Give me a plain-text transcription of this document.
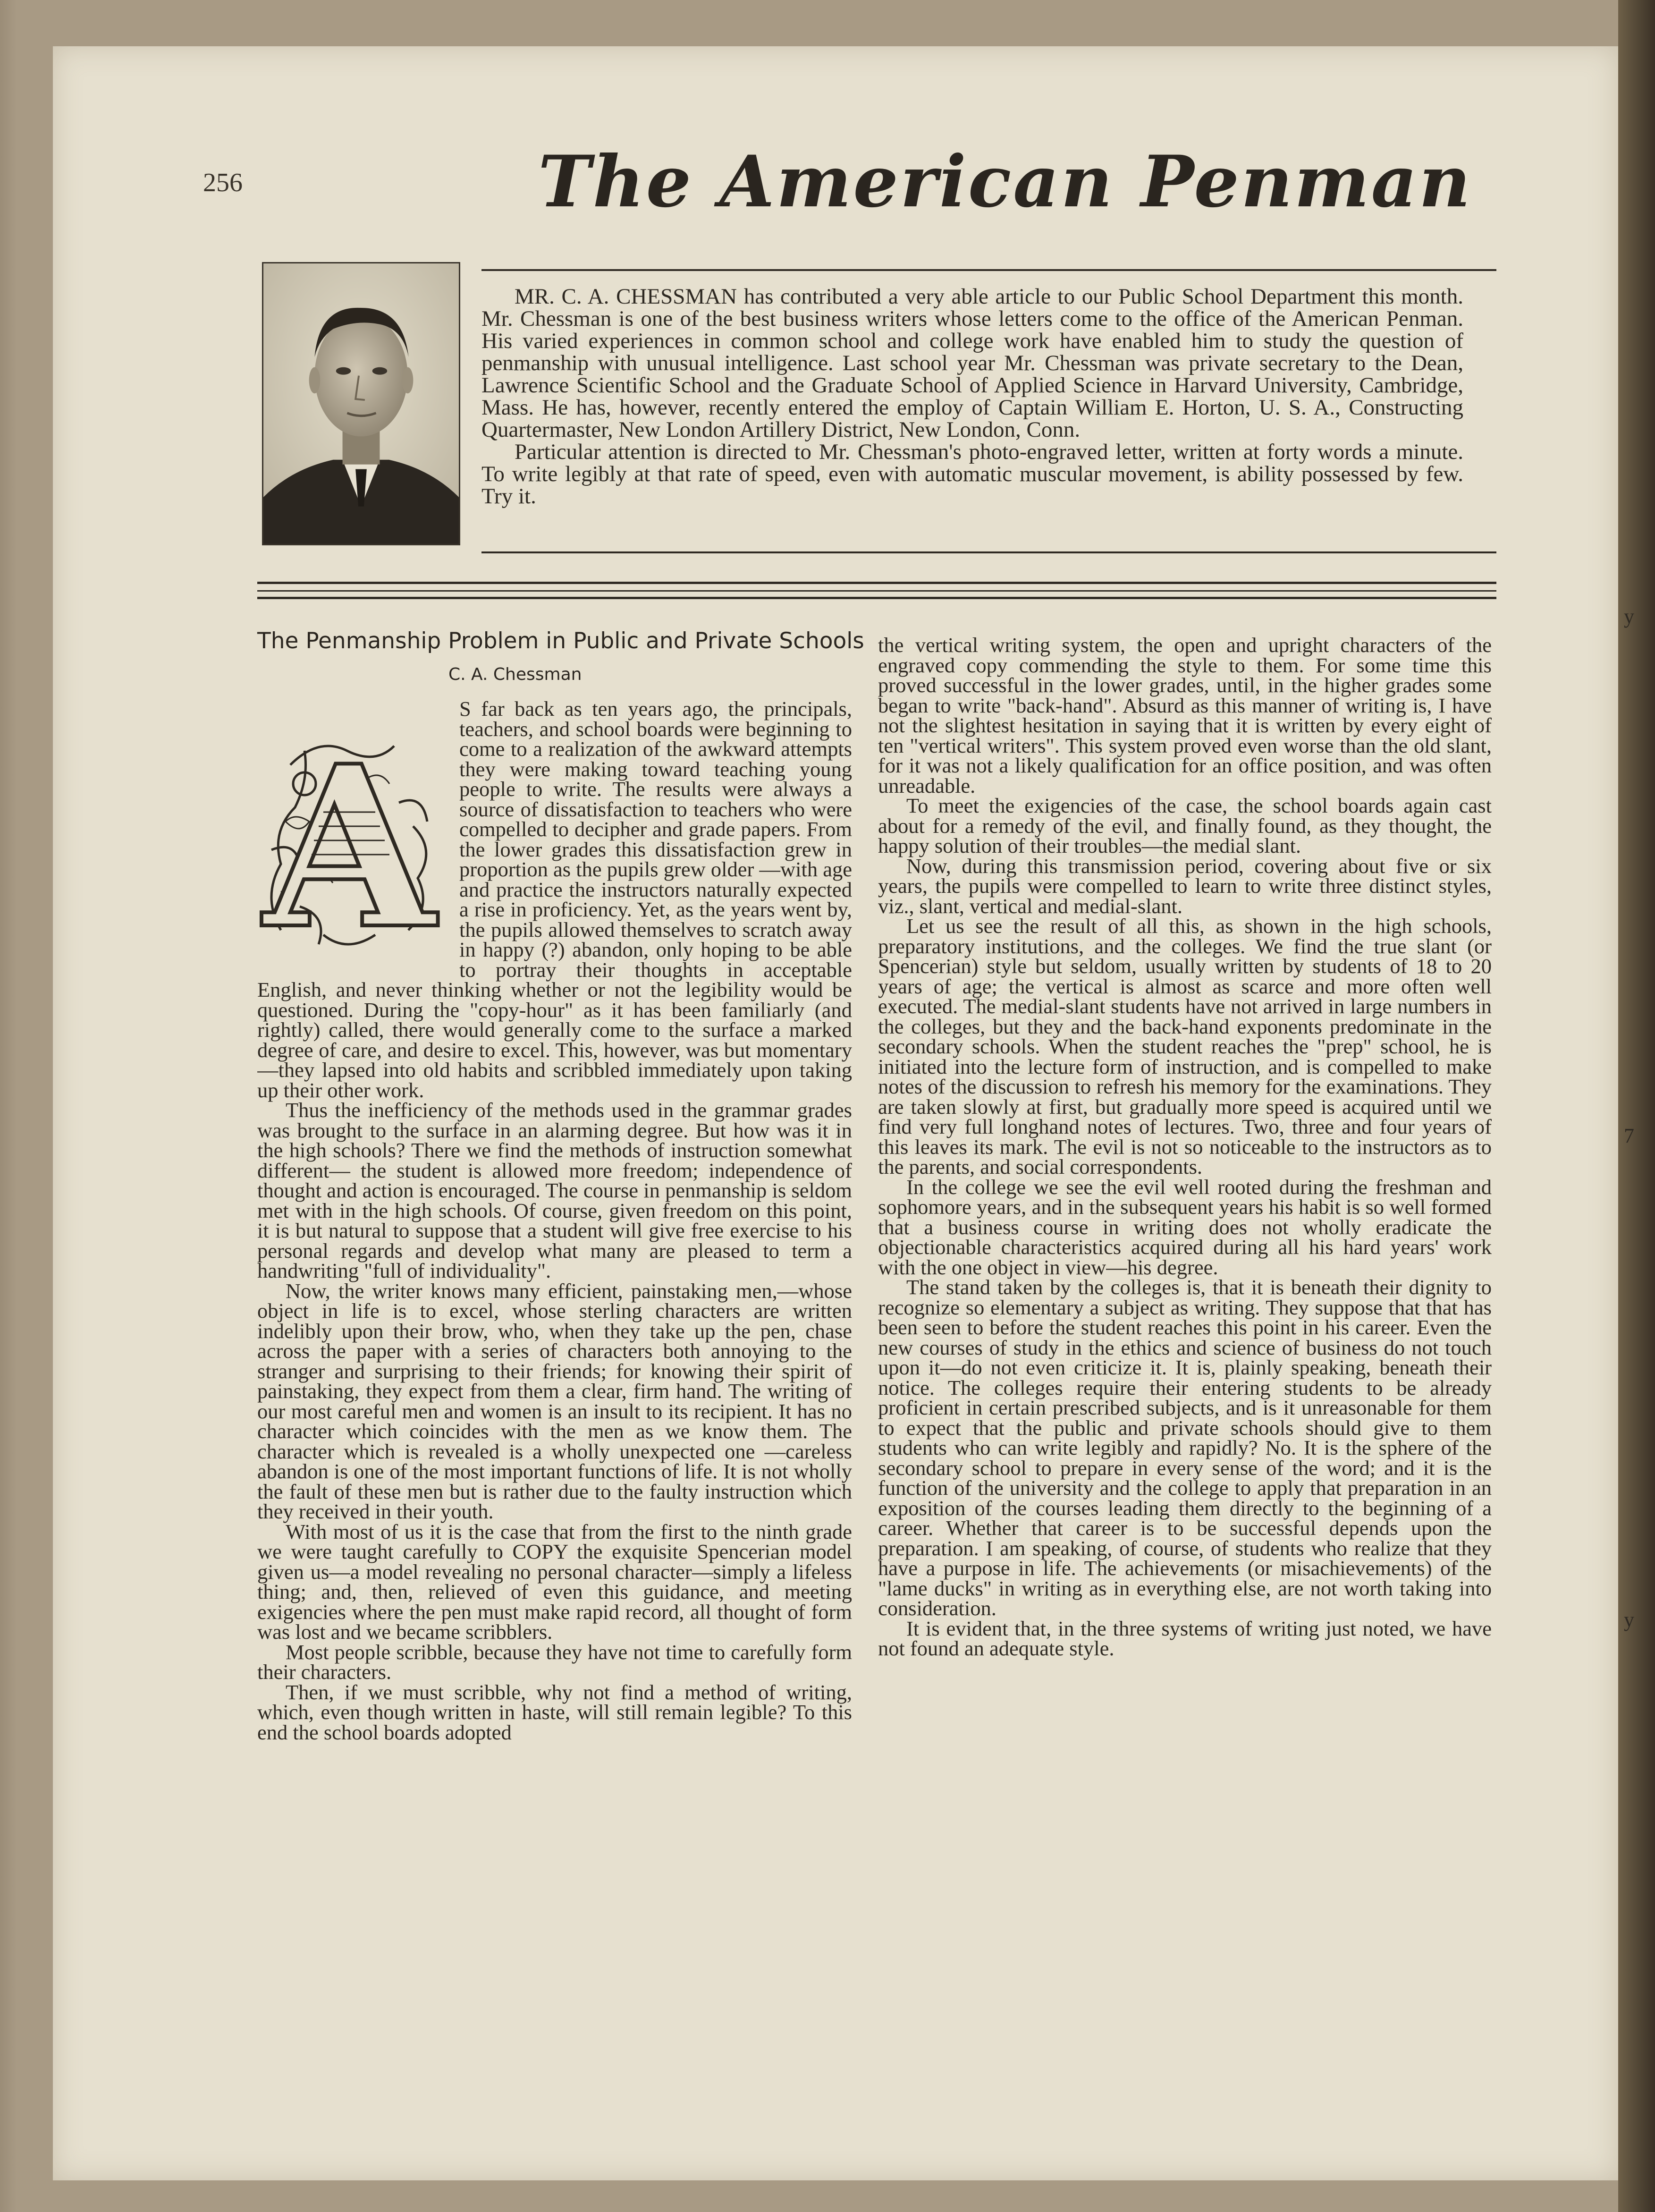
256	The American Penman

MR. C. A. CHESSMAN has contributed a very able article to our Public School Department this month. Mr. Chessman is one of the best business writers whose letters come to the office of the American Penman. His varied experiences in common school and college work have enabled him to study the question of penmanship with unusual intelligence. Last school year Mr. Chessman was private secretary to the Dean, Lawrence Scientific School and the Graduate School of Applied Science in Harvard University, Cambridge, Mass. He has, however, recently entered the employ of Captain William E. Horton, U. S. A., Constructing Quartermaster, New London Artillery District, New London, Conn.

Particular attention is directed to Mr. Chessman's photo-engraved letter, written at forty words a minute. To write legibly at that rate of speed, even with automatic muscular movement, is ability possessed by few. Try it.

The Penmanship Problem in Public and Private Schools
C. A. Chessman
A

S far back as ten years ago, the principals, teachers, and school boards were beginning to come to a realization of the awkward attempts they were making toward teaching young people to write. The results were always a source of dissatisfaction to teachers who were compelled to decipher and grade papers. From the lower grades this dissatisfaction grew in proportion as the pupils grew older —with age and practice the instructors naturally expected a rise in proficiency. Yet, as the years went by, the pupils allowed themselves to scratch away in happy (?) abandon, only hoping to be able to portray their thoughts in acceptable English, and never thinking whether or not the legibility would be questioned. During the "copy-hour" as it has been familiarly (and rightly) called, there would generally come to the surface a marked degree of care, and desire to excel. This, however, was but momentary—they lapsed into old habits and scribbled immediately upon taking up their other work.

Thus the inefficiency of the methods used in the grammar grades was brought to the surface in an alarming degree. But how was it in the high schools? There we find the methods of instruction somewhat different— the student is allowed more freedom; independence of thought and action is encouraged. The course in penmanship is seldom met with in the high schools. Of course, given freedom on this point, it is but natural to suppose that a student will give free exercise to his personal regards and develop what many are pleased to term a handwriting "full of individuality".

Now, the writer knows many efficient, painstaking men,—whose object in life is to excel, whose sterling characters are written indelibly upon their brow, who, when they take up the pen, chase across the paper with a series of characters both annoying to the stranger and surprising to their friends; for knowing their spirit of painstaking, they expect from them a clear, firm hand. The writing of our most careful men and women is an insult to its recipient. It has no character which coincides with the men as we know them. The character which is revealed is a wholly unexpected one —careless abandon is one of the most important functions of life. It is not wholly the fault of these men but is rather due to the faulty instruction which they received in their youth.

With most of us it is the case that from the first to the ninth grade we were taught carefully to COPY the exquisite Spencerian model given us—a model revealing no personal character—simply a lifeless thing; and, then, relieved of even this guidance, and meeting exigencies where the pen must make rapid record, all thought of form was lost and we became scribblers.

Most people scribble, because they have not time to carefully form their characters.

Then, if we must scribble, why not find a method of writing, which, even though written in haste, will still remain legible? To this end the school boards adopted

the vertical writing system, the open and upright characters of the engraved copy commending the style to them. For some time this proved successful in the lower grades, until, in the higher grades some began to write "back-hand". Absurd as this manner of writing is, I have not the slightest hesitation in saying that it is written by every eight of ten "vertical writers". This system proved even worse than the old slant, for it was not a likely qualification for an office position, and was often unreadable.

To meet the exigencies of the case, the school boards again cast about for a remedy of the evil, and finally found, as they thought, the happy solution of their troubles—the medial slant.

Now, during this transmission period, covering about five or six years, the pupils were compelled to learn to write three distinct styles, viz., slant, vertical and medial-slant.

Let us see the result of all this, as shown in the high schools, preparatory institutions, and the colleges. We find the true slant (or Spencerian) style but seldom, usually written by students of 18 to 20 years of age; the vertical is almost as scarce and more often well executed. The medial-slant students have not arrived in large numbers in the colleges, but they and the back-hand exponents predominate in the secondary schools. When the student reaches the "prep" school, he is initiated into the lecture form of instruction, and is compelled to make notes of the discussion to refresh his memory for the examinations. They are taken slowly at first, but gradually more speed is acquired until we find very full longhand notes of lectures. Two, three and four years of this leaves its mark. The evil is not so noticeable to the instructors as to the parents, and social correspondents.

In the college we see the evil well rooted during the freshman and sophomore years, and in the subsequent years his habit is so well formed that a business course in writing does not wholly eradicate the objectionable characteristics acquired during all his hard years' work with the one object in view—his degree.

The stand taken by the colleges is, that it is beneath their dignity to recognize so elementary a subject as writing. They suppose that that has been seen to before the student reaches this point in his career. Even the new courses of study in the ethics and science of business do not touch upon it—do not even criticize it. It is, plainly speaking, beneath their notice. The colleges require their entering students to be already proficient in certain prescribed subjects, and is it unreasonable for them to expect that the public and private schools should give to them students who can write legibly and rapidly? No. It is the sphere of the secondary school to prepare in every sense of the word; and it is the function of the university and the college to apply that preparation in an exposition of the courses leading them directly to the beginning of a career. Whether that career is to be successful depends upon the preparation. I am speaking, of course, of students who realize that they have a purpose in life. The achievements (or misachievements) of the "lame ducks" in writing as in everything else, are not worth taking into consideration.

It is evident that, in the three systems of writing just noted, we have not found an adequate style.

y
7
y
